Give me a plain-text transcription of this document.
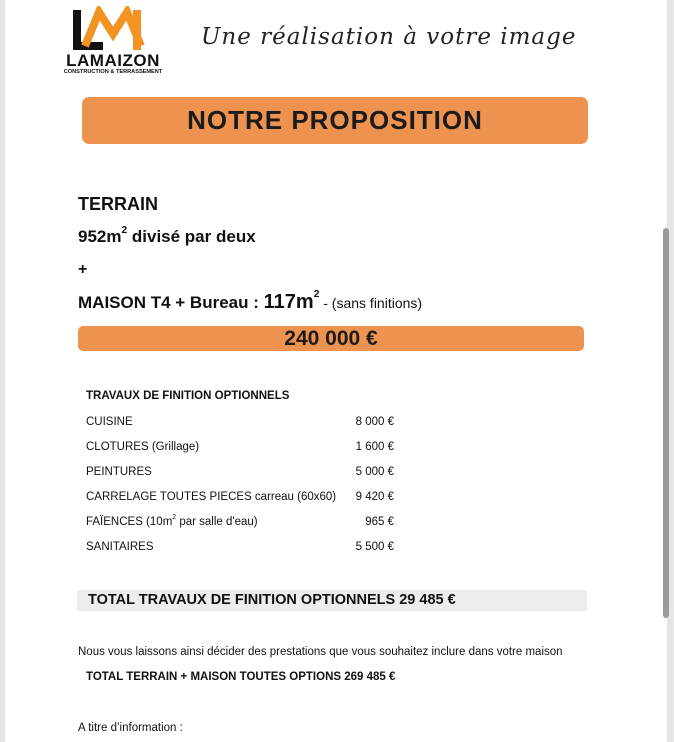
LAMAIZON
CONSTRUCTION & TERRASSEMENT
Une réalisation à votre image
NOTRE PROPOSITION
TERRAIN
$952m^2$ divisé par deux
+
MAISON T4 + Bureau : $117m^2$ - (sans finitions)
240 000 €
TRAVAUX DE FINITION OPTIONNELS
CUISINE	8 000 €
CLOTURES (Grillage)	1 600 €
PEINTURES	5 000 €
CARRELAGE TOUTES PIECES carreau (60x60) 9 420 €
FAÏENCES ($10m^2$ par salle d'eau)	965 €
SANITAIRES	5 500 €
TOTAL TRAVAUX DE FINITION OPTIONNELS 29 485 €
Nous vous laissons ainsi décider des prestations que vous souhaitez inclure dans votre maison
TOTAL TERRAIN + MAISON TOUTES OPTIONS 269 485 €
A titre d’information :
